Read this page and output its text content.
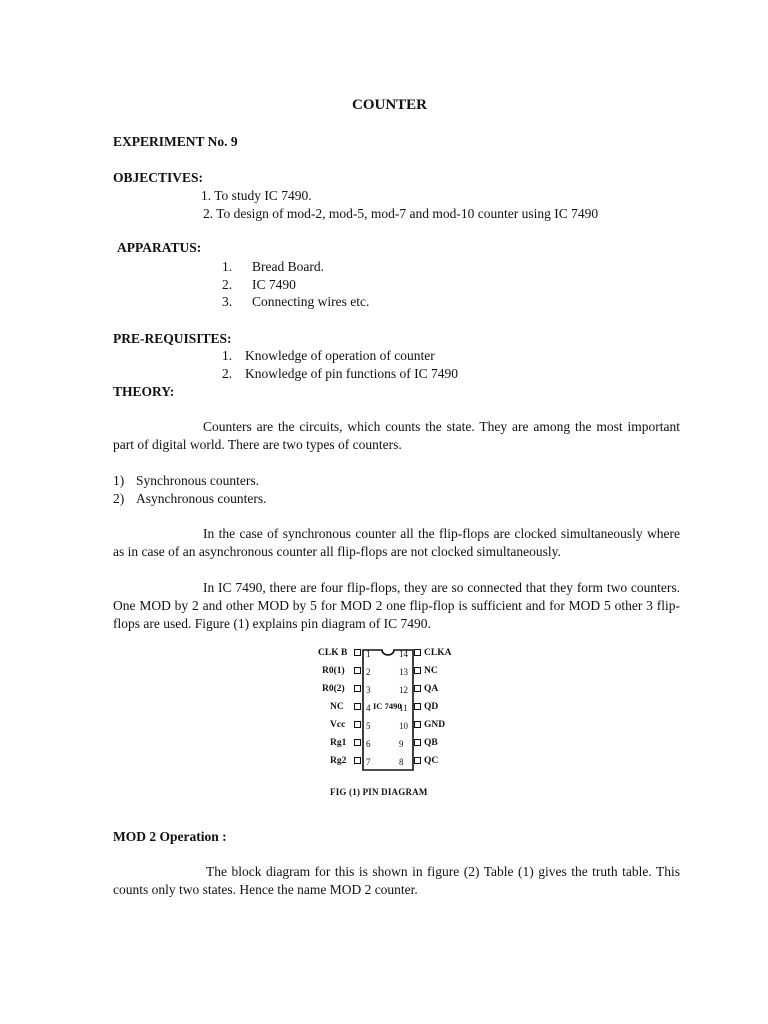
COUNTER
EXPERIMENT No. 9
OBJECTIVES:
1. To study IC 7490.
2. To design of mod-2, mod-5, mod-7 and mod-10 counter using IC 7490
APPARATUS:
1. Bread Board.
2. IC 7490
3. Connecting wires etc.
PRE-REQUISITES:
1. Knowledge of operation of counter
2. Knowledge of pin functions of IC 7490
THEORY:
Counters are the circuits, which counts the state. They are among the most important part of digital world. There are two types of counters.
1) Synchronous counters.
2) Asynchronous counters.
In the case of synchronous counter all the flip-flops are clocked simultaneously where as in case of an asynchronous counter all flip-flops are not clocked simultaneously.
In IC 7490, there are four flip-flops, they are so connected that they form two counters. One MOD by 2 and other MOD by 5 for MOD 2 one flip-flop is sufficient and for MOD 5 other 3 flip-flops are used. Figure (1) explains pin diagram of IC 7490.
IC 7490
CLK B 1
R0(1) 2
R0(2) 3
NC 4
Vcc 5
Rg1 6
Rg2 7
14 CLKA
13 NC
12 QA
11 QD
10 GND
9 QB
8 QC
FIG (1) PIN DIAGRAM
MOD 2 Operation :
The block diagram for this is shown in figure (2) Table (1) gives the truth table. This counts only two states. Hence the name MOD 2 counter.
